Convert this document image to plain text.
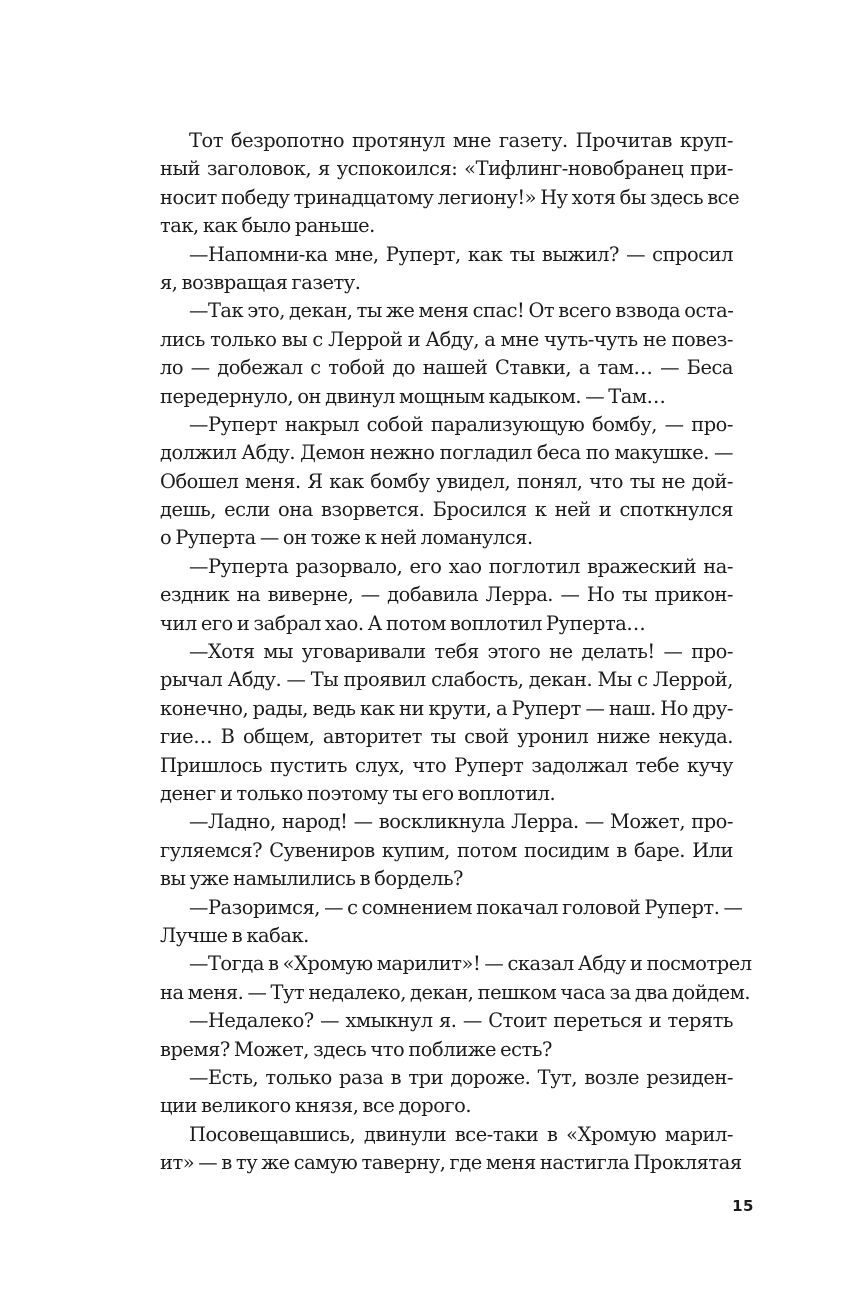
Тот безропотно протянул мне газету. Прочитав круп-
ный заголовок, я успокоился: «Тифлинг-новобранец при-
носит победу тринадцатому легиону!» Ну хотя бы здесь все
так, как было раньше.
—Напомни-ка мне, Руперт, как ты выжил? — спросил
я, возвращая газету.
—Так это, декан, ты же меня спас! От всего взвода оста-
лись только вы с Леррой и Абду, а мне чуть-чуть не повез-
ло — добежал с тобой до нашей Ставки, а там… — Беса
передернуло, он двинул мощным кадыком. — Там…
—Руперт накрыл собой парализующую бомбу, — про-
должил Абду. Демон нежно погладил беса по макушке. —
Обошел меня. Я как бомбу увидел, понял, что ты не дой-
дешь, если она взорвется. Бросился к ней и споткнулся
о Руперта — он тоже к ней ломанулся.
—Руперта разорвало, его хао поглотил вражеский на-
ездник на виверне, — добавила Лерра. — Но ты прикон-
чил его и забрал хао. А потом воплотил Руперта…
—Хотя мы уговаривали тебя этого не делать! — про-
рычал Абду. — Ты проявил слабость, декан. Мы с Леррой,
конечно, рады, ведь как ни крути, а Руперт — наш. Но дру-
гие… В общем, авторитет ты свой уронил ниже некуда.
Пришлось пустить слух, что Руперт задолжал тебе кучу
денег и только поэтому ты его воплотил.
—Ладно, народ! — воскликнула Лерра. — Может, про-
гуляемся? Сувениров купим, потом посидим в баре. Или
вы уже намылились в бордель?
—Разоримся, — с сомнением покачал головой Руперт. —
Лучше в кабак.
—Тогда в «Хромую марилит»! — сказал Абду и посмотрел
на меня. — Тут недалеко, декан, пешком часа за два дойдем.
—Недалеко? — хмыкнул я. — Стоит переться и терять
время? Может, здесь что поближе есть?
—Есть, только раза в три дороже. Тут, возле резиден-
ции великого князя, все дорого.
Посовещавшись, двинули все-таки в «Хромую марил-
ит» — в ту же самую таверну, где меня настигла Проклятая
15
